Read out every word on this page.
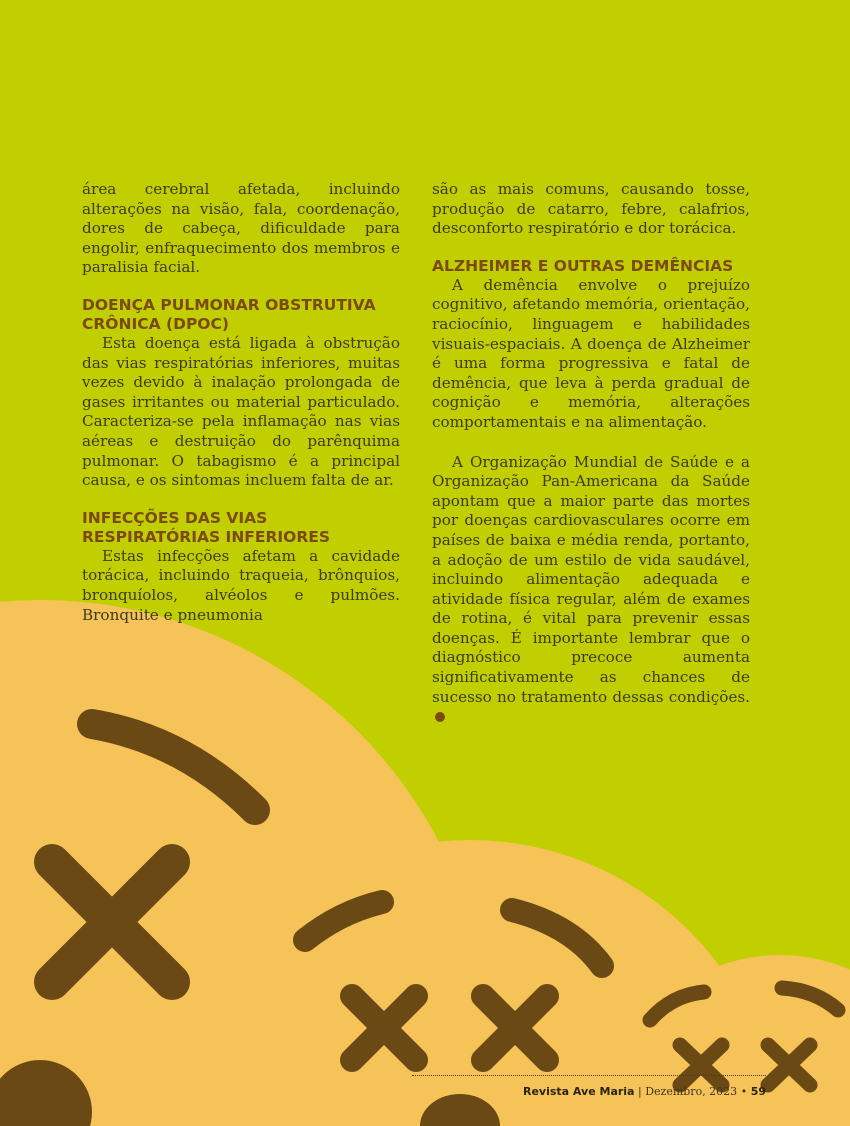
área cerebral afetada, incluindo alterações na visão, fala, coordenação, dores de cabeça, dificuldade para engolir, enfraquecimento dos membros e paralisia facial.

DOENÇA PULMONAR OBSTRUTIVA CRÔNICA (DPOC)

Esta doença está ligada à obstrução das vias respiratórias inferiores, muitas vezes devido à inalação prolongada de gases irritantes ou material particulado. Caracteriza-se pela inflamação nas vias aéreas e destruição do parênquima pulmonar. O tabagismo é a principal causa, e os sintomas incluem falta de ar.

INFECÇÕES DAS VIAS RESPIRATÓRIAS INFERIORES

Estas infecções afetam a cavidade torácica, incluindo traqueia, brônquios, bronquíolos, alvéolos e pulmões. Bronquite e pneumonia

são as mais comuns, causando tosse, produção de catarro, febre, calafrios, desconforto respiratório e dor torácica.

ALZHEIMER E OUTRAS DEMÊNCIAS

A demência envolve o prejuízo cognitivo, afetando memória, orientação, raciocínio, linguagem e habilidades visuais-espaciais. A doença de Alzheimer é uma forma progressiva e fatal de demência, que leva à perda gradual de cognição e memória, alterações comportamentais e na alimentação.

A Organização Mundial de Saúde e a Organização Pan-Americana da Saúde apontam que a maior parte das mortes por doenças cardiovasculares ocorre em países de baixa e média renda, portanto, a adoção de um estilo de vida saudável, incluindo alimentação adequada e atividade física regular, além de exames de rotina, é vital para prevenir essas doenças. É importante lembrar que o diagnóstico precoce aumenta significativamente as chances de sucesso no tratamento dessas condições.

Revista Ave Maria | Dezembro, 2023 • 59
